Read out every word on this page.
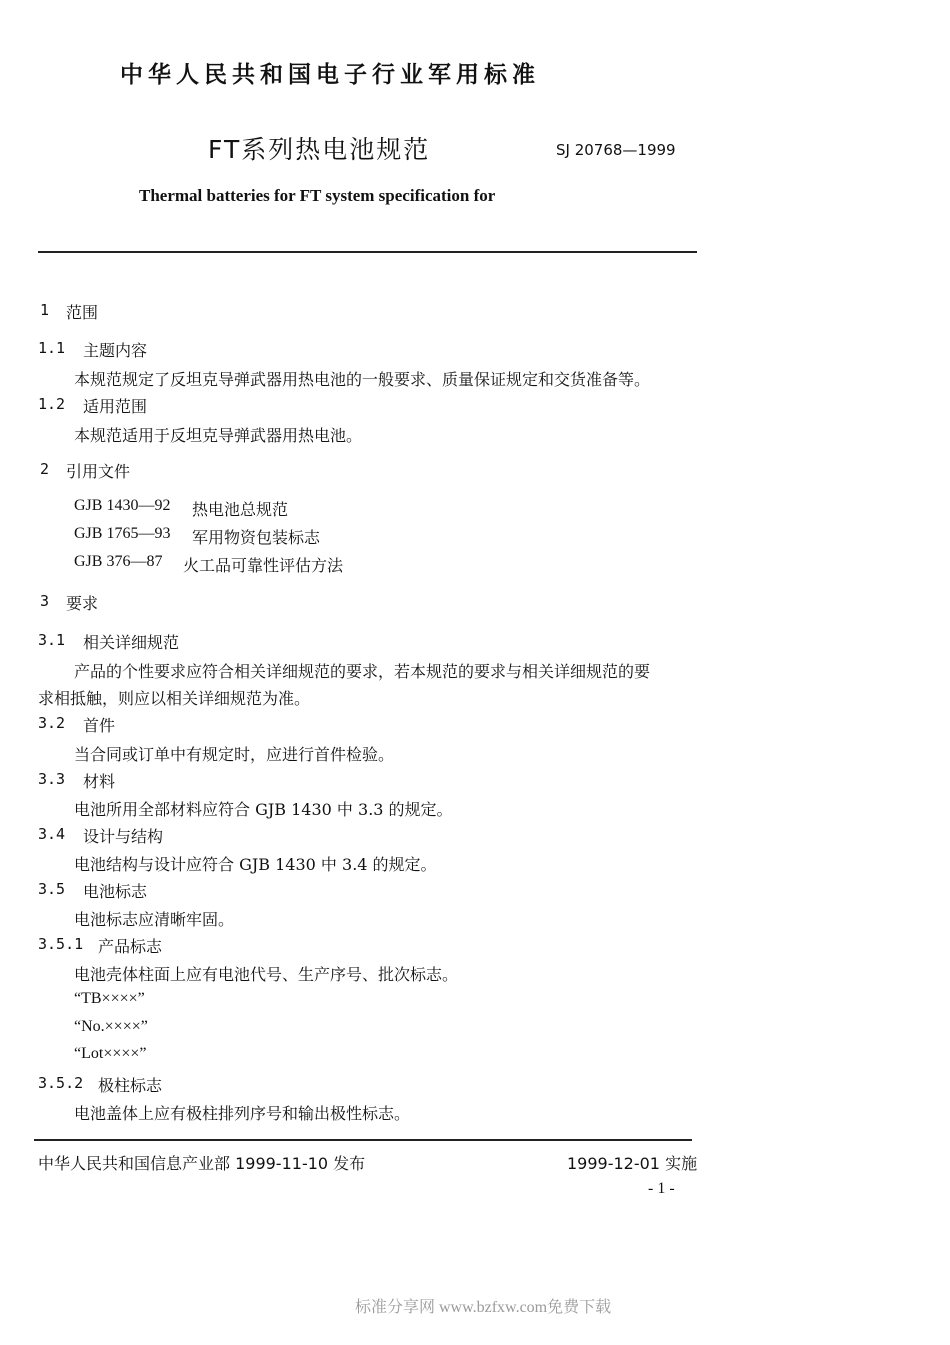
中华人民共和国电子行业军用标准
FT系列热电池规范	SJ 20768—1999
Thermal batteries for FT system specification for
1 范围
1.1 主题内容
本规范规定了反坦克导弹武器用热电池的一般要求、质量保证规定和交货准备等。
1.2 适用范围
本规范适用于反坦克导弹武器用热电池。
2 引用文件
GJB 1430—92 热电池总规范
GJB 1765—93 军用物资包装标志
GJB 376—87 火工品可靠性评估方法
3 要求
3.1 相关详细规范
产品的个性要求应符合相关详细规范的要求，若本规范的要求与相关详细规范的要
求相抵触，则应以相关详细规范为准。
3.2 首件
当合同或订单中有规定时，应进行首件检验。
3.3 材料
电池所用全部材料应符合 GJB 1430 中 3.3 的规定。
3.4 设计与结构
电池结构与设计应符合 GJB 1430 中 3.4 的规定。
3.5 电池标志
电池标志应清晰牢固。
3.5.1 产品标志
电池壳体柱面上应有电池代号、生产序号、批次标志。
“TB××××”
“No.××××”
“Lot××××”
3.5.2 极柱标志
电池盖体上应有极柱排列序号和输出极性标志。
中华人民共和国信息产业部 1999-11-10 发布	1999-12-01 实施
- 1 -
标准分享网 www.bzfxw.com免费下载
